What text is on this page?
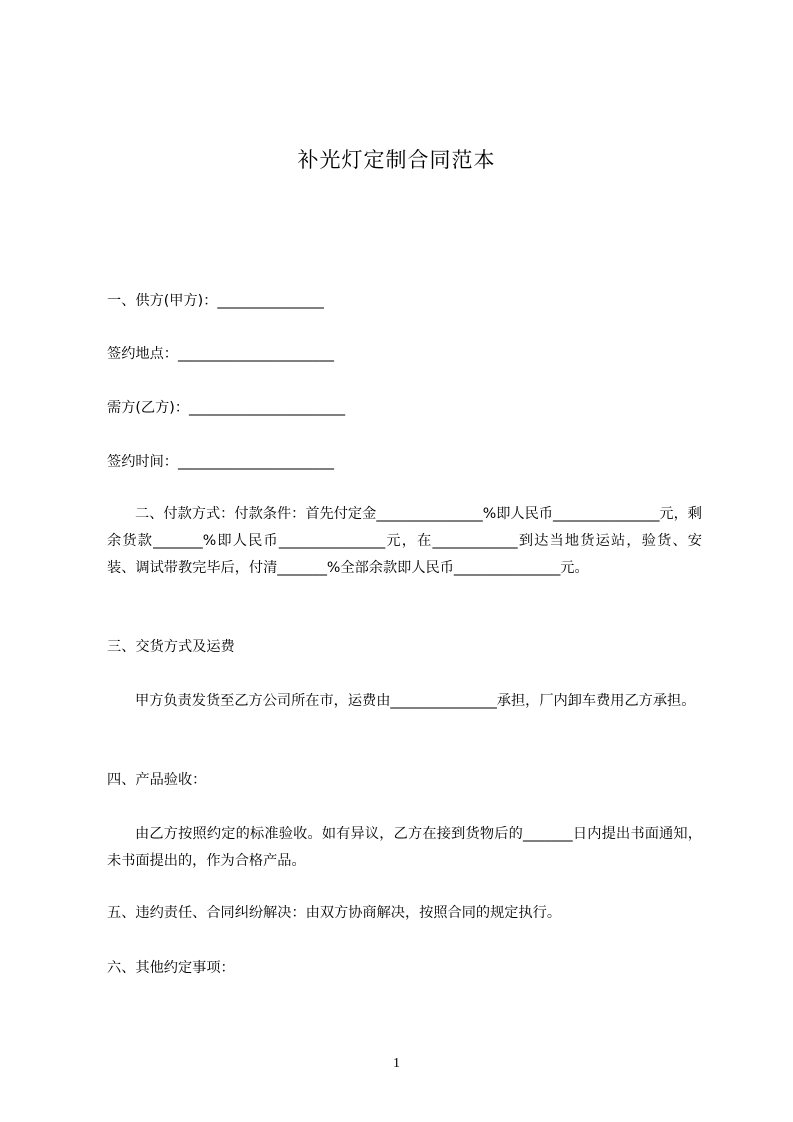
补光灯定制合同范本
一、供方(甲方)：_______________
签约地点：______________________
需方(乙方)：______________________
签约时间：______________________
二、付款方式：付款条件：首先付定金_______________%即人民币_______________元，剩余货款_______%即人民币_______________元，在____________到达当地货运站，验货、安装、调试带教完毕后，付清_______%全部余款即人民币_______________元。
三、交货方式及运费
甲方负责发货至乙方公司所在市，运费由_______________承担，厂内卸车费用乙方承担。
四、产品验收：
由乙方按照约定的标准验收。如有异议，乙方在接到货物后的_______日内提出书面通知，未书面提出的，作为合格产品。
五、违约责任、合同纠纷解决：由双方协商解决，按照合同的规定执行。
六、其他约定事项：
1
